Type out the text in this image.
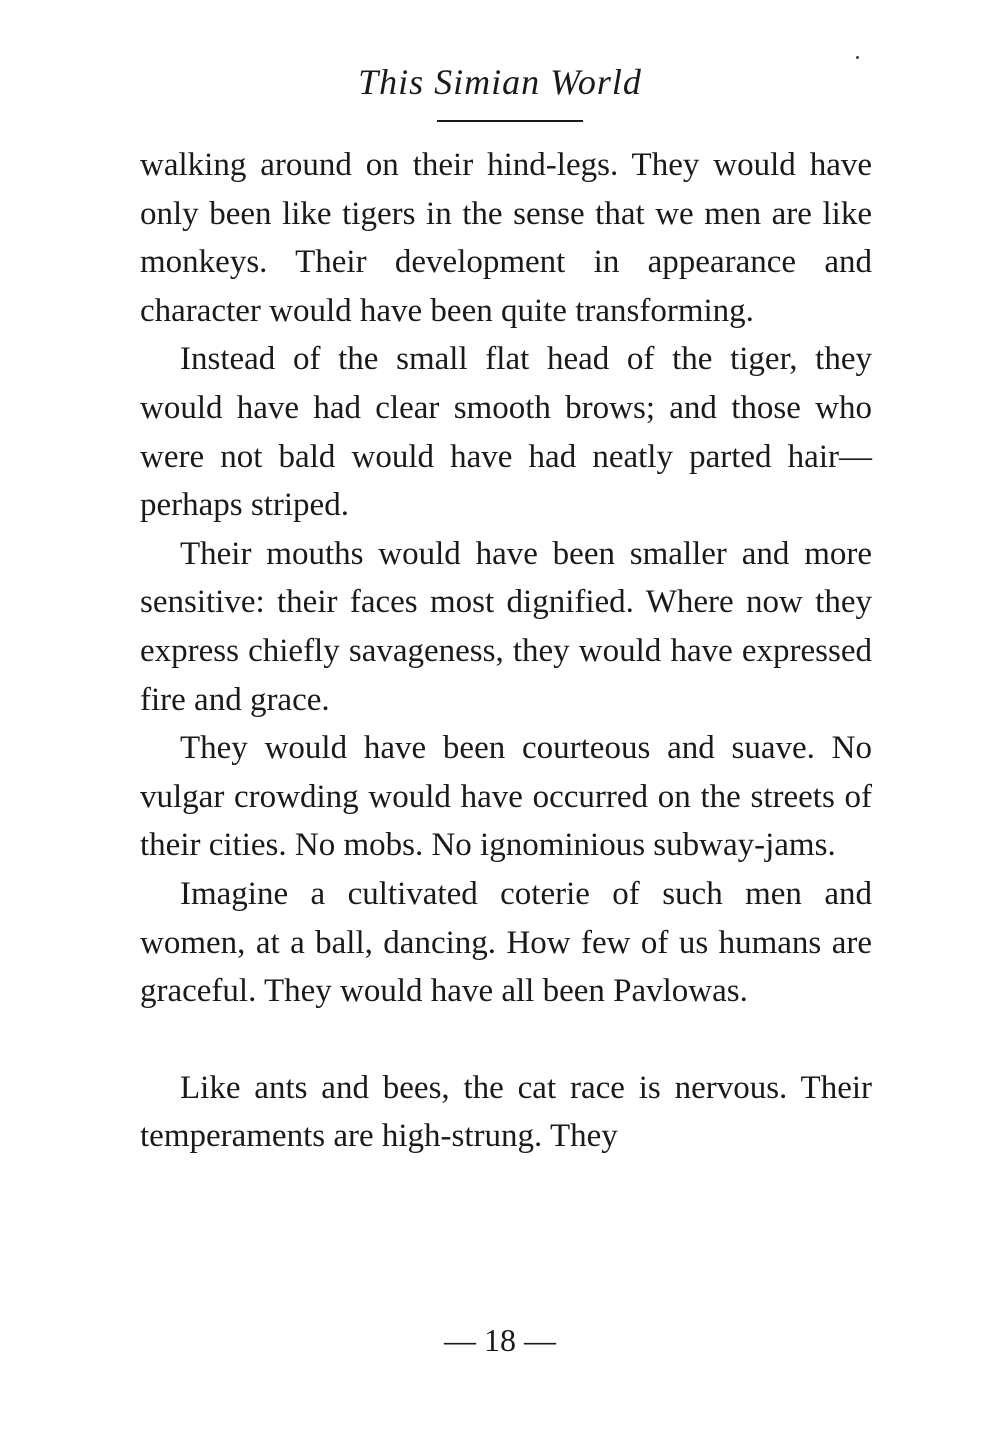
This Simian World

walking around on their hind-legs. They would have only been like tigers in the sense that we men are like monkeys. Their development in appearance and character would have been quite transforming.

Instead of the small flat head of the tiger, they would have had clear smooth brows; and those who were not bald would have had neatly parted hair—perhaps striped.

Their mouths would have been smaller and more sensitive: their faces most dignified. Where now they express chiefly savageness, they would have expressed fire and grace.

They would have been courteous and suave. No vulgar crowding would have occurred on the streets of their cities. No mobs. No ignominious subway-jams.

Imagine a cultivated coterie of such men and women, at a ball, dancing. How few of us humans are graceful. They would have all been Pavlowas.

Like ants and bees, the cat race is nervous. Their temperaments are high-strung. They

— 18 —
